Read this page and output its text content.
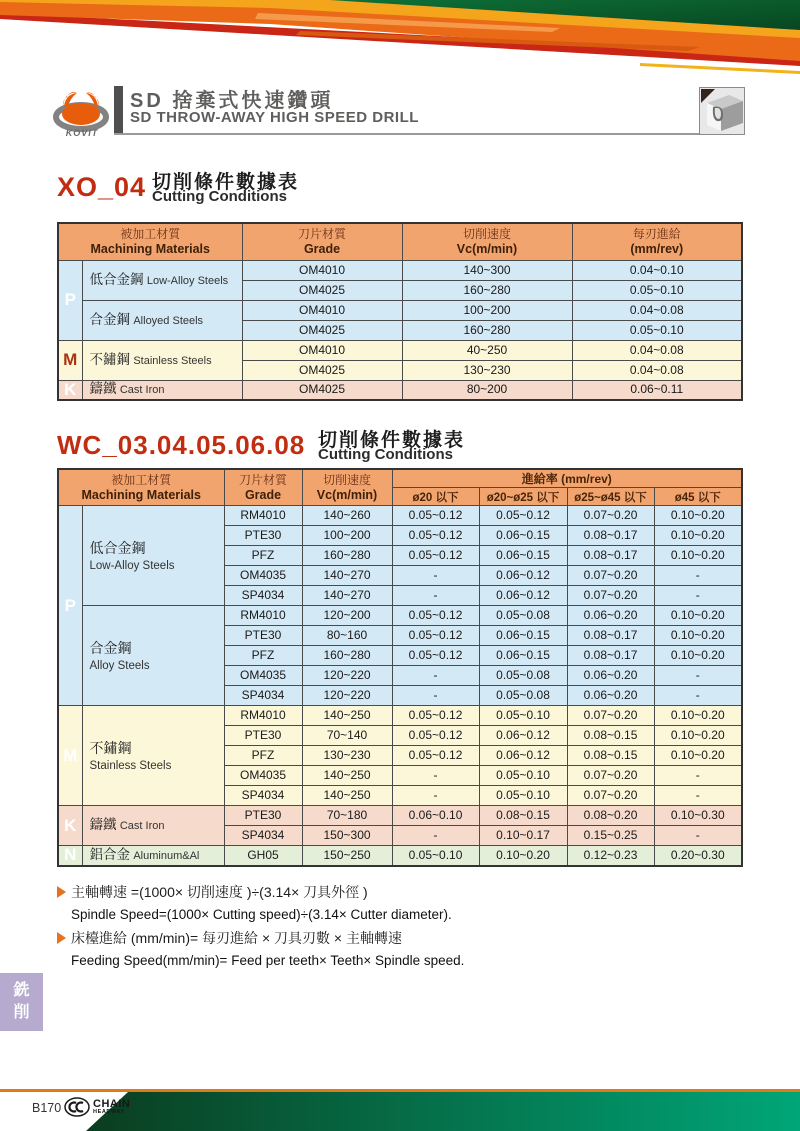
KOVIT
SD 捨棄式快速鑽頭
SD THROW-AWAY HIGH SPEED DRILL
XO_04 切削條件數據表
Cutting Conditions
被加工材質
Machining Materials		刀片材質
Grade	切削速度
Vc(m/min)	每刃進給
(mm/rev)

P	低合金鋼 Low-Alloy Steels	OM4010	140~300	0.04~0.10
		OM4025	160~280	0.05~0.10
	合金鋼 Alloyed Steels	OM4010	100~200	0.04~0.08
		OM4025	160~280	0.05~0.10
M	不鏽鋼 Stainless Steels	OM4010	40~250	0.04~0.08
		OM4025	130~230	0.04~0.08
K	鑄鐵 Cast Iron	OM4025	80~200	0.06~0.11
WC_03.04.05.06.08 切削條件數據表
Cutting Conditions
被加工材質
Machining Materials		刀片材質
Grade	切削速度
Vc(m/min)	進給率 (mm/rev)			
				ø20 以下	ø20~ø25 以下	ø25~ø45 以下	ø45 以下
P	低合金鋼
Low-Alloy Steels	RM4010	140~260	0.05~0.12	0.05~0.12	0.07~0.20	0.10~0.20
		PTE30	100~200	0.05~0.12	0.06~0.15	0.08~0.17	0.10~0.20
		PFZ	160~280	0.05~0.12	0.06~0.15	0.08~0.17	0.10~0.20
		OM4035	140~270	-	0.06~0.12	0.07~0.20	-
		SP4034	140~270	-	0.06~0.12	0.07~0.20	-

	合金鋼
Alloy Steels	RM4010	120~200	0.05~0.12	0.05~0.08	0.06~0.20	0.10~0.20
		PTE30	80~160	0.05~0.12	0.06~0.15	0.08~0.17	0.10~0.20
		PFZ	160~280	0.05~0.12	0.06~0.15	0.08~0.17	0.10~0.20
		OM4035	120~220	-	0.05~0.08	0.06~0.20	-
		SP4034	120~220	-	0.05~0.08	0.06~0.20	-
M	不鏽鋼
Stainless Steels	RM4010	140~250	0.05~0.12	0.05~0.10	0.07~0.20	0.10~0.20
		PTE30	70~140	0.05~0.12	0.06~0.12	0.08~0.15	0.10~0.20
		PFZ	130~230	0.05~0.12	0.06~0.12	0.08~0.15	0.10~0.20
		OM4035	140~250	-	0.05~0.10	0.07~0.20	-
		SP4034	140~250	-	0.05~0.10	0.07~0.20	-
K	鑄鐵 Cast Iron	PTE30	70~180	0.06~0.10	0.08~0.15	0.08~0.20	0.10~0.30
		SP4034	150~300	-	0.10~0.17	0.15~0.25	-
N	鋁合金 Aluminum&Al	GH05	150~250	0.05~0.10	0.10~0.20	0.12~0.23	0.20~0.30
主軸轉速 =(1000× 切削速度 )÷(3.14× 刀具外徑 )
Spindle Speed=(1000× Cutting speed)÷(3.14× Cutter diameter).
床檯進給 (mm/min)= 每刃進給 × 刀具刃數 × 主軸轉速
Feeding Speed(mm/min)= Feed per teeth× Teeth× Spindle speed.
銑
削
B170	CHAIN
HEADWAY
